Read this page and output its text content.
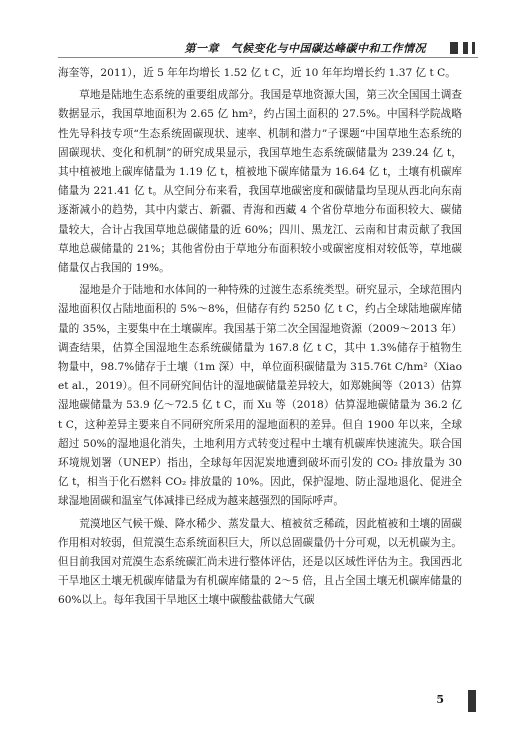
第一章　气候变化与中国碳达峰碳中和工作情况

海奎等，2011），近 5 年年均增长 1.52 亿 t C，近 10 年年均增长约 1.37 亿 t C。

草地是陆地生态系统的重要组成部分。我国是草地资源大国，第三次全国国土调查数据显示，我国草地面积为 2.65 亿 hm²，约占国土面积的 27.5%。中国科学院战略性先导科技专项“生态系统固碳现状、速率、机制和潜力”子课题“中国草地生态系统的固碳现状、变化和机制”的研究成果显示，我国草地生态系统碳储量为 239.24 亿 t，其中植被地上碳库储量为 1.19 亿 t，植被地下碳库储量为 16.64 亿 t，土壤有机碳库储量为 221.41 亿 t。从空间分布来看，我国草地碳密度和碳储量均呈现从西北向东南逐渐减小的趋势，其中内蒙古、新疆、青海和西藏 4 个省份草地分布面积较大、碳储量较大，合计占我国草地总碳储量的近 60%；四川、黑龙江、云南和甘肃贡献了我国草地总碳储量的 21%；其他省份由于草地分布面积较小或碳密度相对较低等，草地碳储量仅占我国的 19%。

湿地是介于陆地和水体间的一种特殊的过渡生态系统类型。研究显示，全球范围内湿地面积仅占陆地面积的 5%～8%，但储存有约 5250 亿 t C，约占全球陆地碳库储量的 35%，主要集中在土壤碳库。我国基于第二次全国湿地资源（2009～2013 年）调查结果，估算全国湿地生态系统碳储量为 167.8 亿 t C，其中 1.3%储存于植物生物量中，98.7%储存于土壤（1m 深）中，单位面积碳储量为 315.76t C/hm²（Xiao et al.，2019）。但不同研究间估计的湿地碳储量差异较大，如郑姚闽等（2013）估算湿地碳储量为 53.9 亿～72.5 亿 t C，而 Xu 等（2018）估算湿地碳储量为 36.2 亿 t C，这种差异主要来自不同研究所采用的湿地面积的差异。但自 1900 年以来，全球超过 50%的湿地退化消失，土地利用方式转变过程中土壤有机碳库快速流失。联合国环境规划署（UNEP）指出，全球每年因泥炭地遭到破坏而引发的 CO₂ 排放量为 30 亿 t，相当于化石燃料 CO₂ 排放量的 10%。因此，保护湿地、防止湿地退化、促进全球湿地固碳和温室气体减排已经成为越来越强烈的国际呼声。

荒漠地区气候干燥、降水稀少、蒸发量大、植被贫乏稀疏，因此植被和土壤的固碳作用相对较弱，但荒漠生态系统面积巨大，所以总固碳量仍十分可观，以无机碳为主。但目前我国对荒漠生态系统碳汇尚未进行整体评估，还是以区域性评估为主。我国西北干旱地区土壤无机碳库储量为有机碳库储量的 2～5 倍，且占全国土壤无机碳库储量的 60%以上。每年我国干旱地区土壤中碳酸盐截储大气碳

5
